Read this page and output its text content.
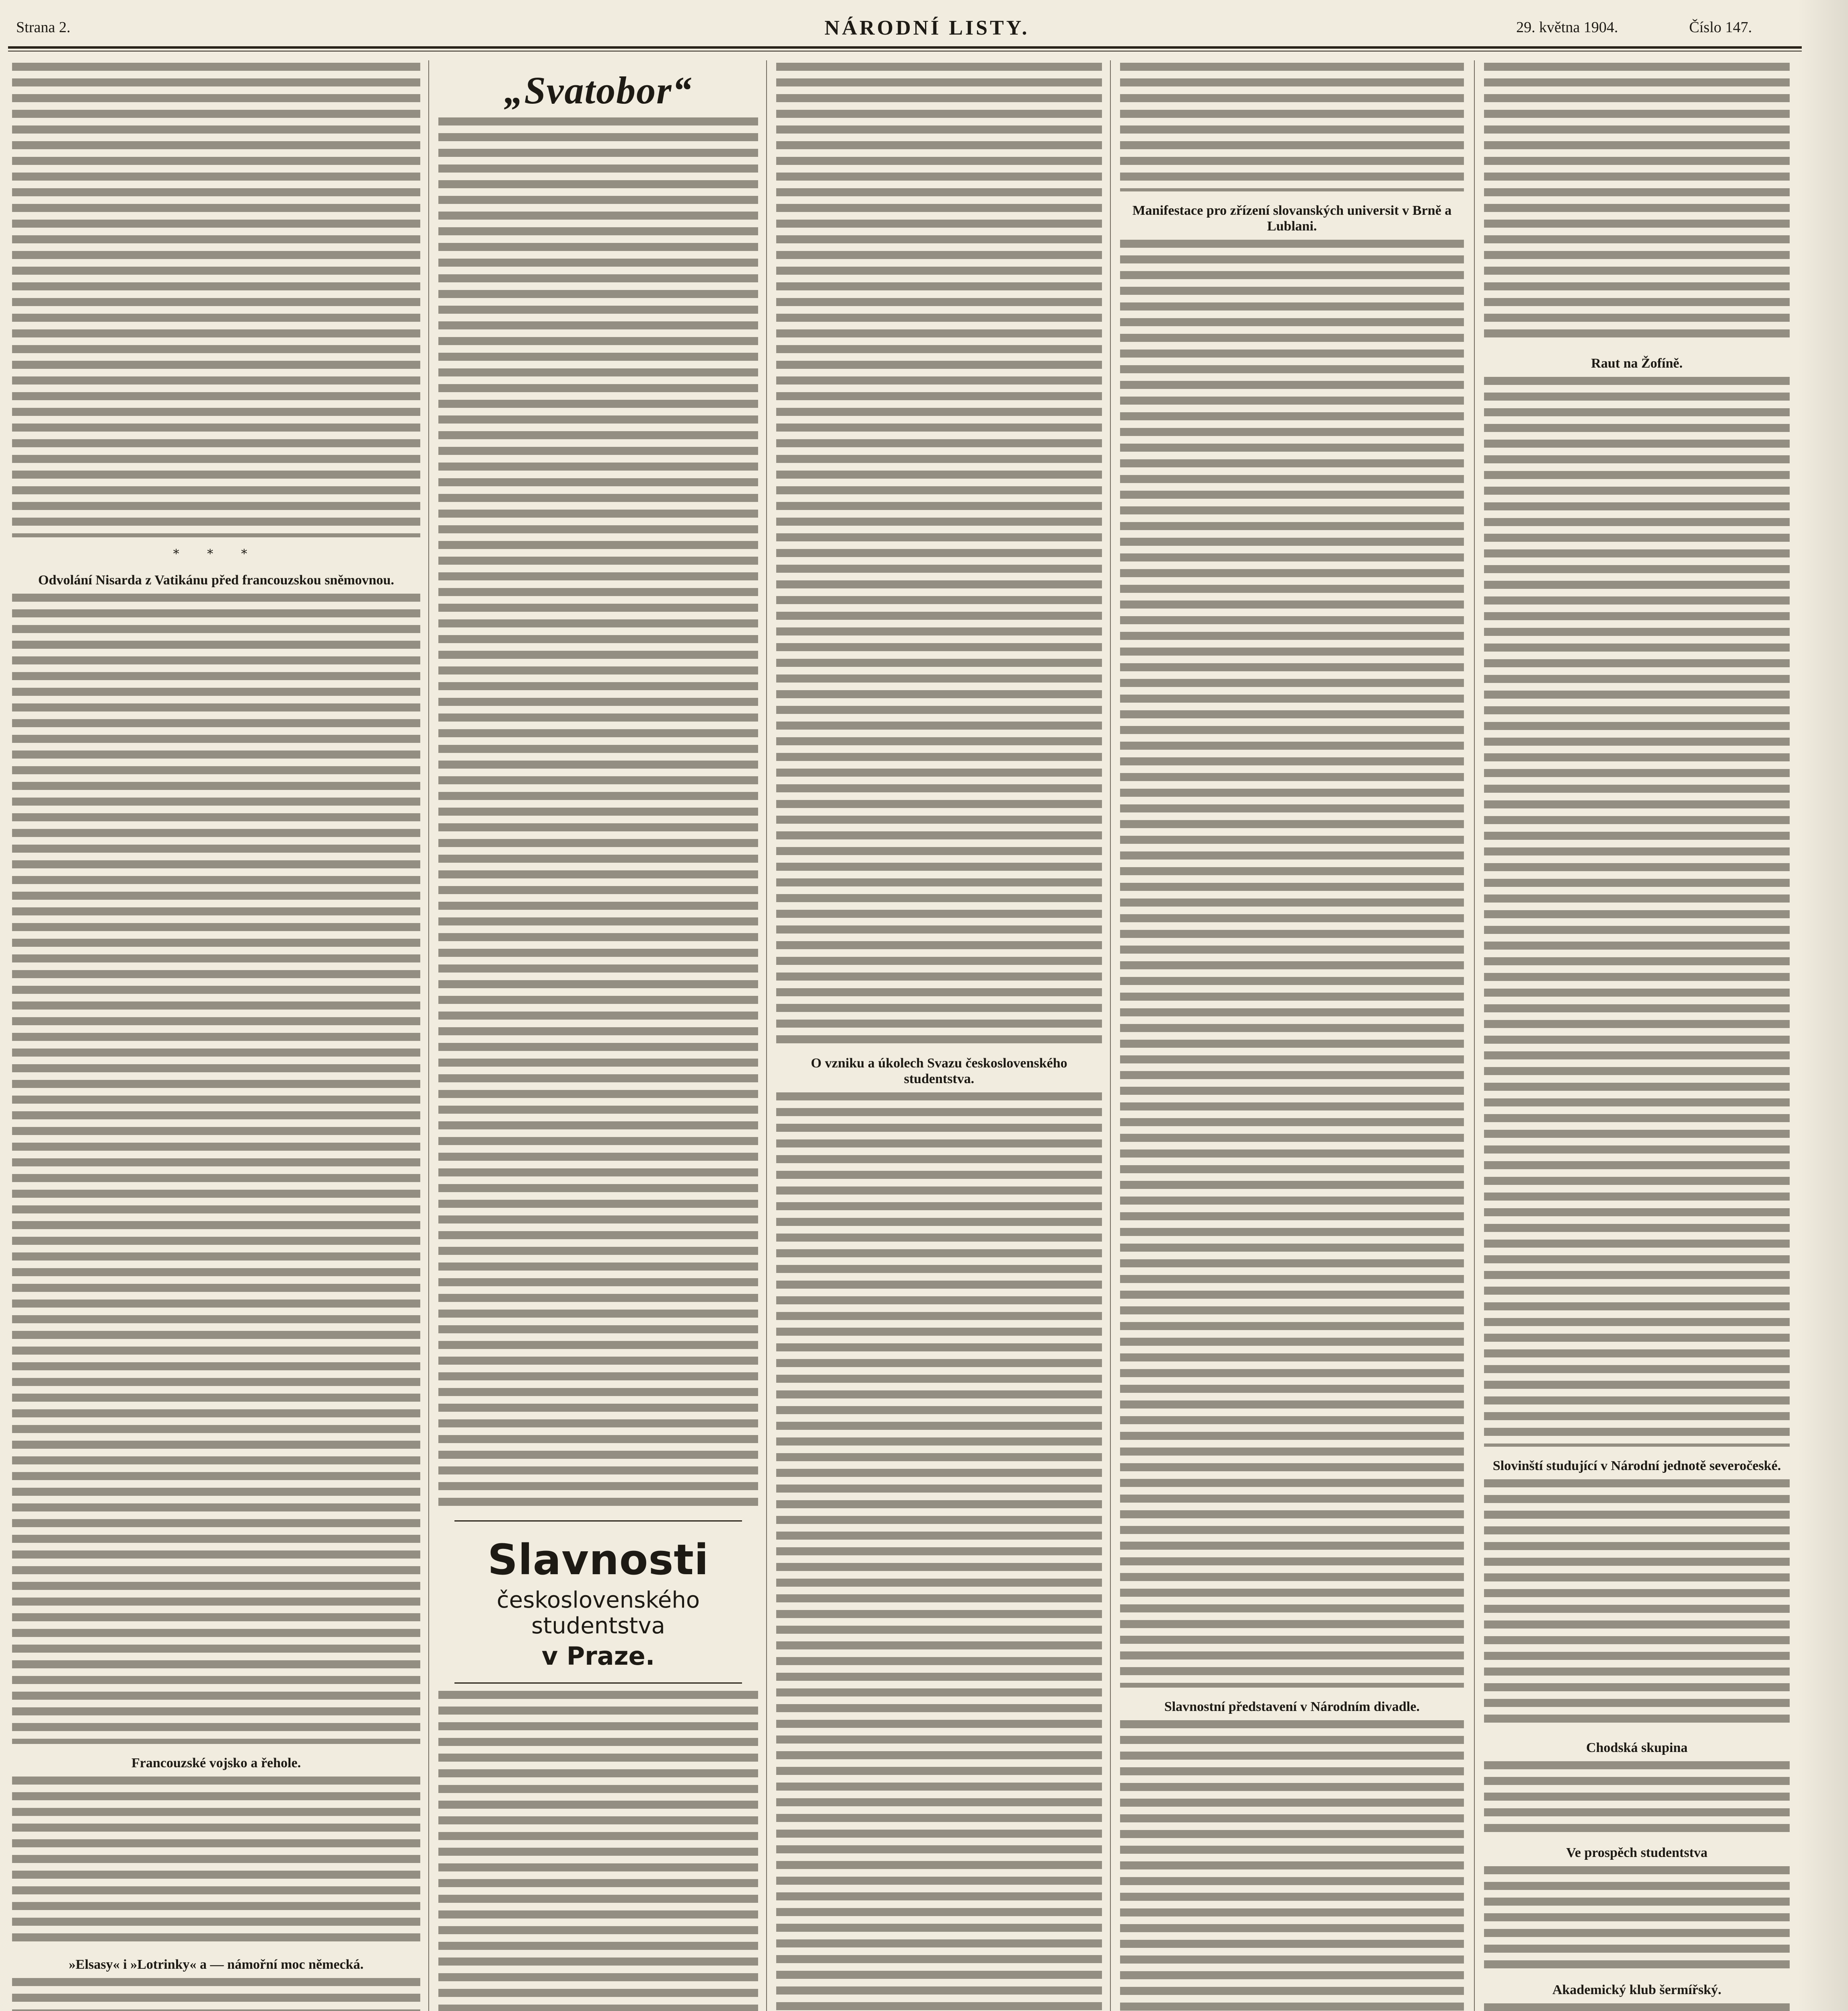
Strana 2.	NÁRODNÍ LISTY.	29. května 1904.	Číslo 147.
* * *
Odvolání Nisarda z Vatikánu před francouzskou sněmovnou.
Francouzské vojsko a řehole.
»Elsasy« i »Lotrinky« a — námořní moc německá.
„Svatobor“
Slavnosti
československého studentstva
v Praze.
O vzniku a úkolech Svazu československého studentstva.
Manifestace pro zřízení slovanských universit v Brně a Lublani.
Slavnostní představení v Národním divadle.
Raut na Žofíně.
Slovinští studující v Národní jednotě severočeské.
Chodská skupina
Ve prospěch studentstva
Akademický klub šermířský.
